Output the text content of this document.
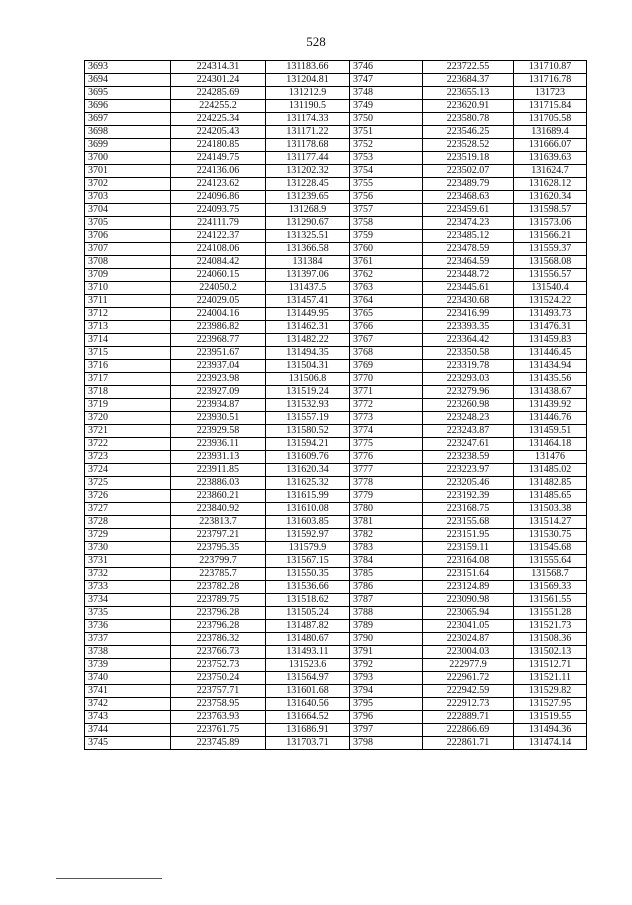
528
3693	224314.31	131183.66	3746	223722.55	131710.87
3694	224301.24	131204.81	3747	223684.37	131716.78
3695	224285.69	131212.9	3748	223655.13	131723
3696	224255.2	131190.5	3749	223620.91	131715.84
3697	224225.34	131174.33	3750	223580.78	131705.58
3698	224205.43	131171.22	3751	223546.25	131689.4
3699	224180.85	131178.68	3752	223528.52	131666.07
3700	224149.75	131177.44	3753	223519.18	131639.63
3701	224136.06	131202.32	3754	223502.07	131624.7
3702	224123.62	131228.45	3755	223489.79	131628.12
3703	224096.86	131239.65	3756	223468.63	131620.34
3704	224093.75	131268.9	3757	223459.61	131598.57
3705	224111.79	131290.67	3758	223474.23	131573.06
3706	224122.37	131325.51	3759	223485.12	131566.21
3707	224108.06	131366.58	3760	223478.59	131559.37
3708	224084.42	131384	3761	223464.59	131568.08
3709	224060.15	131397.06	3762	223448.72	131556.57
3710	224050.2	131437.5	3763	223445.61	131540.4
3711	224029.05	131457.41	3764	223430.68	131524.22
3712	224004.16	131449.95	3765	223416.99	131493.73
3713	223986.82	131462.31	3766	223393.35	131476.31
3714	223968.77	131482.22	3767	223364.42	131459.83
3715	223951.67	131494.35	3768	223350.58	131446.45
3716	223937.04	131504.31	3769	223319.78	131434.94
3717	223923.98	131506.8	3770	223293.03	131435.56
3718	223927.09	131519.24	3771	223279.96	131438.67
3719	223934.87	131532.93	3772	223260.98	131439.92
3720	223930.51	131557.19	3773	223248.23	131446.76
3721	223929.58	131580.52	3774	223243.87	131459.51
3722	223936.11	131594.21	3775	223247.61	131464.18
3723	223931.13	131609.76	3776	223238.59	131476
3724	223911.85	131620.34	3777	223223.97	131485.02
3725	223886.03	131625.32	3778	223205.46	131482.85
3726	223860.21	131615.99	3779	223192.39	131485.65
3727	223840.92	131610.08	3780	223168.75	131503.38
3728	223813.7	131603.85	3781	223155.68	131514.27
3729	223797.21	131592.97	3782	223151.95	131530.75
3730	223795.35	131579.9	3783	223159.11	131545.68
3731	223799.7	131567.15	3784	223164.08	131555.64
3732	223785.7	131550.35	3785	223151.64	131568.7
3733	223782.28	131536.66	3786	223124.89	131569.33
3734	223789.75	131518.62	3787	223090.98	131561.55
3735	223796.28	131505.24	3788	223065.94	131551.28
3736	223796.28	131487.82	3789	223041.05	131521.73
3737	223786.32	131480.67	3790	223024.87	131508.36
3738	223766.73	131493.11	3791	223004.03	131502.13
3739	223752.73	131523.6	3792	222977.9	131512.71
3740	223750.24	131564.97	3793	222961.72	131521.11
3741	223757.71	131601.68	3794	222942.59	131529.82
3742	223758.95	131640.56	3795	222912.73	131527.95
3743	223763.93	131664.52	3796	222889.71	131519.55
3744	223761.75	131686.91	3797	222866.69	131494.36
3745	223745.89	131703.71	3798	222861.71	131474.14
